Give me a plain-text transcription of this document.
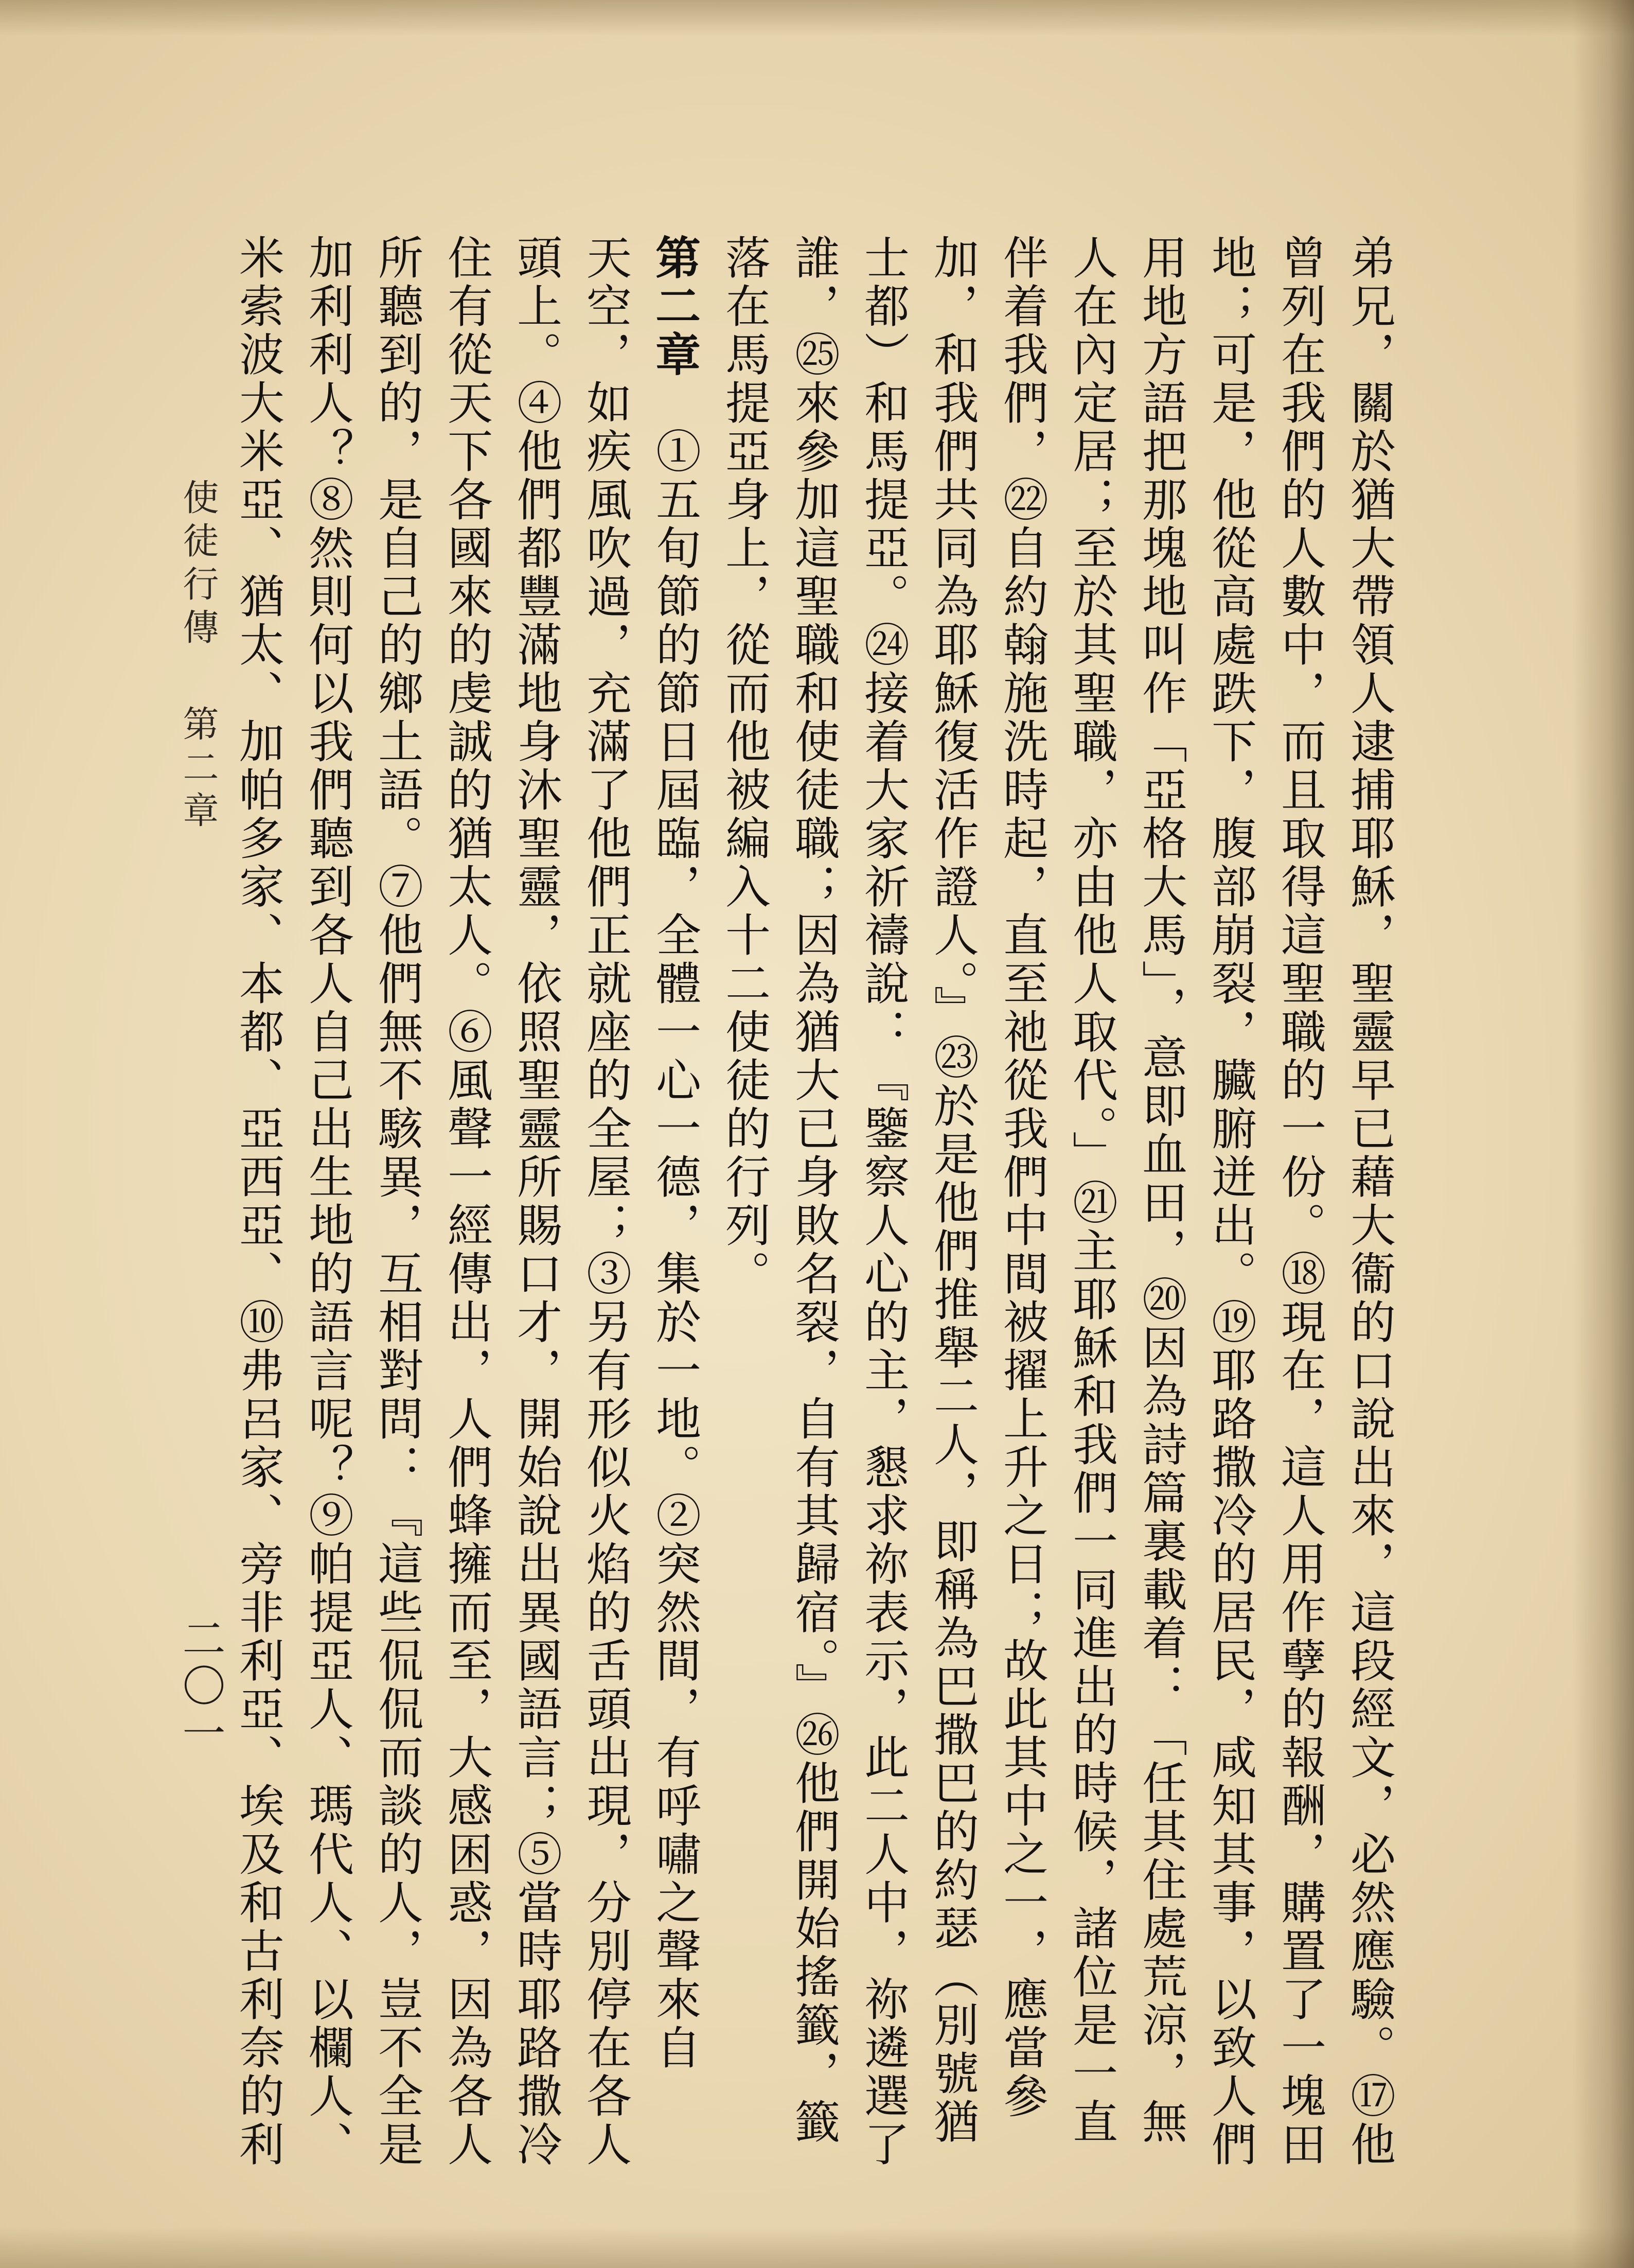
弟兄，關於猶大帶領人逮捕耶穌，聖靈早已藉大衞的口說出來，這段經文，必然應驗。⑰他
曾列在我們的人數中，而且取得這聖職的一份。⑱現在，這人用作孽的報酬，購置了一塊田
地；可是，他從高處跌下，腹部崩裂，臟腑迸出。⑲耶路撒冷的居民，咸知其事，以致人們
用地方語把那塊地叫作「亞格大馬」，意即血田，⑳因為詩篇裏載着：「任其住處荒涼，無
人在內定居；至於其聖職，亦由他人取代。」㉑主耶穌和我們一同進出的時候，諸位是一直
伴着我們，㉒自約翰施洗時起，直至祂從我們中間被擢上升之日；故此其中之一，應當參
加，和我們共同為耶穌復活作證人。』㉓於是他們推舉二人，即稱為巴撒巴的約瑟（別號猶
士都）和馬提亞。㉔接着大家祈禱說：『鑒察人心的主，懇求祢表示，此二人中，祢遴選了
誰，㉕來參加這聖職和使徒職；因為猶大已身敗名裂，自有其歸宿。』㉖他們開始搖籤，籤
落在馬提亞身上，從而他被編入十二使徒的行列。
第二章　①五旬節的節日屆臨，全體一心一德，集於一地。②突然間，有呼嘯之聲來自
天空，如疾風吹過，充滿了他們正就座的全屋；③另有形似火焰的舌頭出現，分別停在各人
頭上。④他們都豐滿地身沐聖靈，依照聖靈所賜口才，開始說出異國語言；⑤當時耶路撒冷
住有從天下各國來的虔誠的猶太人。⑥風聲一經傳出，人們蜂擁而至，大感困惑，因為各人
所聽到的，是自己的鄉土語。⑦他們無不駭異，互相對問：『這些侃侃而談的人，豈不全是
加利利人？⑧然則何以我們聽到各人自己出生地的語言呢？⑨帕提亞人、瑪代人、以欄人、
米索波大米亞、猶太、加帕多家、本都、亞西亞、⑩弗呂家、旁非利亞、埃及和古利奈的利
使徒行傳
第二章
二〇一
